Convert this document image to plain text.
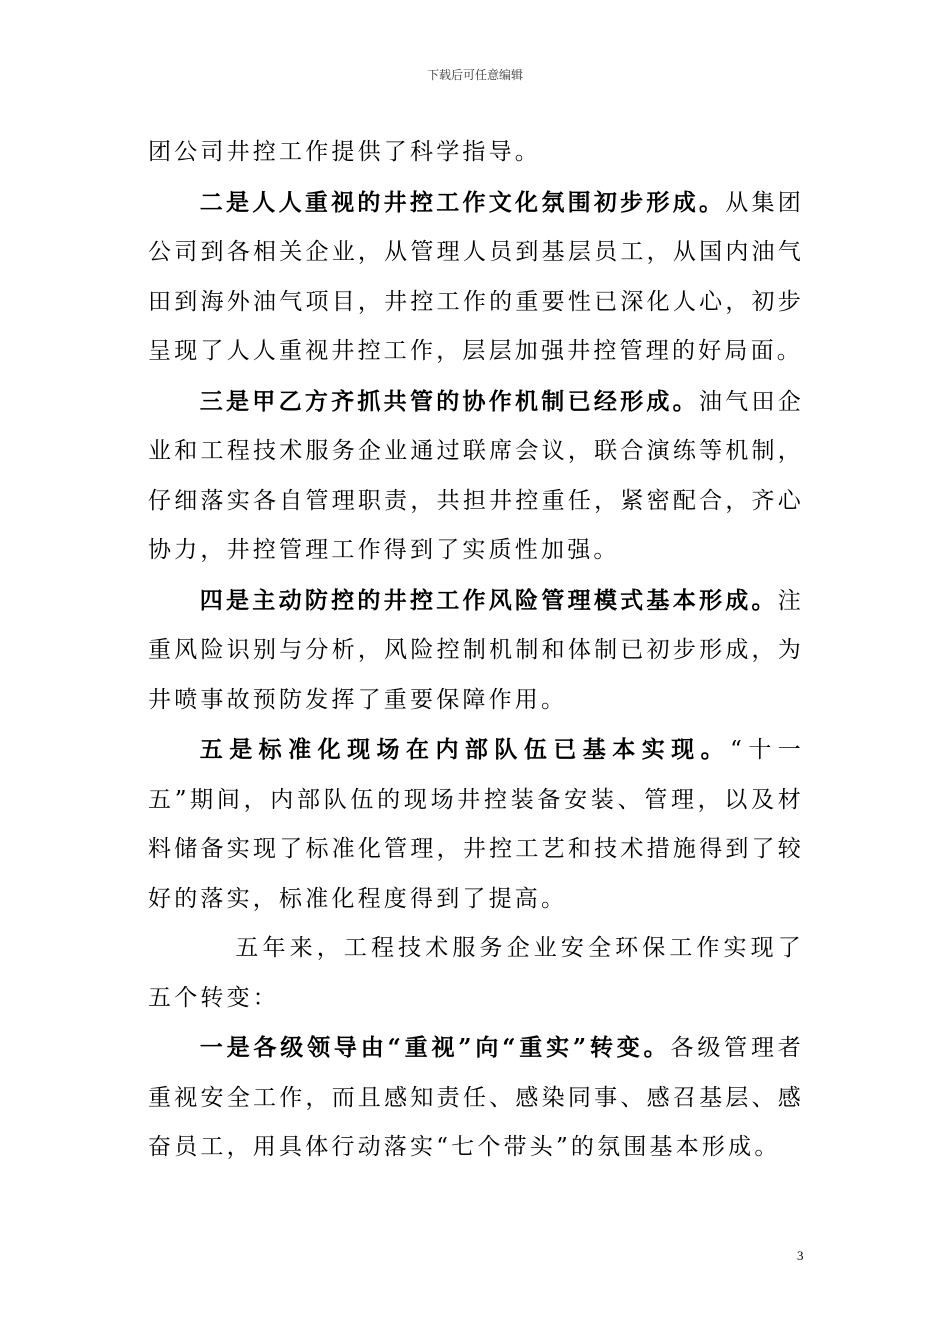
下载后可任意编辑

团公司井控工作提供了科学指导。

二是人人重视的井控工作文化氛围初步形成。从集团公司到各相关企业，从管理人员到基层员工，从国内油气田到海外油气项目，井控工作的重要性已深化人心，初步呈现了人人重视井控工作，层层加强井控管理的好局面。

三是甲乙方齐抓共管的协作机制已经形成。油气田企业和工程技术服务企业通过联席会议，联合演练等机制，仔细落实各自管理职责，共担井控重任，紧密配合，齐心协力，井控管理工作得到了实质性加强。

四是主动防控的井控工作风险管理模式基本形成。注重风险识别与分析，风险控制机制和体制已初步形成，为井喷事故预防发挥了重要保障作用。

五是标准化现场在内部队伍已基本实现。“十一五”期间，内部队伍的现场井控装备安装、管理，以及材料储备实现了标准化管理，井控工艺和技术措施得到了较好的落实，标准化程度得到了提高。

五年来，工程技术服务企业安全环保工作实现了五个转变：

一是各级领导由“重视”向“重实”转变。各级管理者重视安全工作，而且感知责任、感染同事、感召基层、感奋员工，用具体行动落实“七个带头”的氛围基本形成。

3
